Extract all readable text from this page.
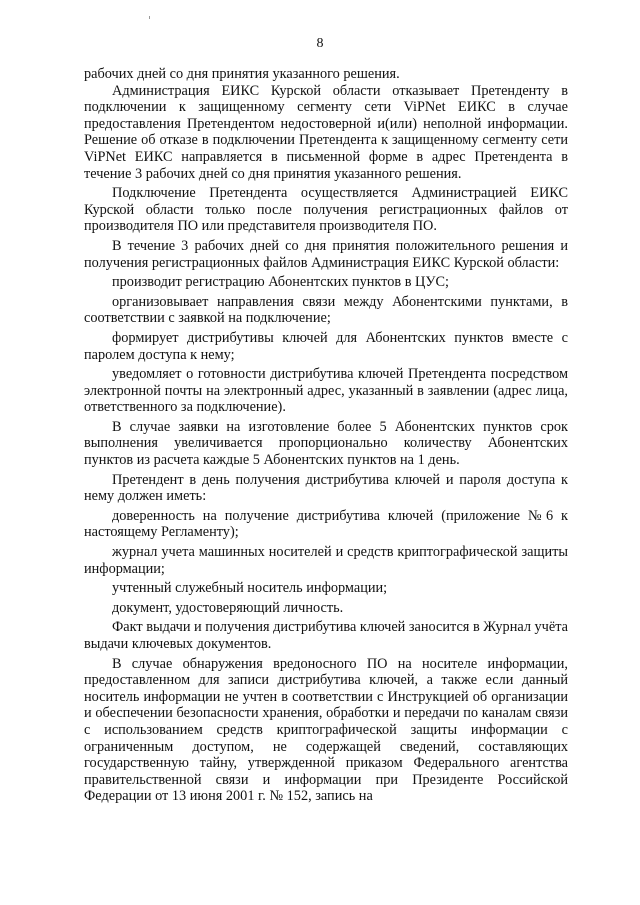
8

рабочих дней со дня принятия указанного решения.

Администрация ЕИКС Курской области отказывает Претенденту в подключении к защищенному сегменту сети ViPNet ЕИКС в случае предоставления Претендентом недостоверной и(или) неполной информации. Решение об отказе в подключении Претендента к защищенному сегменту сети ViPNet ЕИКС направляется в письменной форме в адрес Претендента в течение 3 рабочих дней со дня принятия указанного решения.

Подключение Претендента осуществляется Администрацией ЕИКС Курской области только после получения регистрационных файлов от производителя ПО или представителя производителя ПО.

В течение 3 рабочих дней со дня принятия положительного решения и получения регистрационных файлов Администрация ЕИКС Курской области:

производит регистрацию Абонентских пунктов в ЦУС;

организовывает направления связи между Абонентскими пунктами, в соответствии с заявкой на подключение;

формирует дистрибутивы ключей для Абонентских пунктов вместе с паролем доступа к нему;

уведомляет о готовности дистрибутива ключей Претендента посредством электронной почты на электронный адрес, указанный в заявлении (адрес лица, ответственного за подключение).

В случае заявки на изготовление более 5 Абонентских пунктов срок выполнения увеличивается пропорционально количеству Абонентских пунктов из расчета каждые 5 Абонентских пунктов на 1 день.

Претендент в день получения дистрибутива ключей и пароля доступа к нему должен иметь:

доверенность на получение дистрибутива ключей (приложение №6 к настоящему Регламенту);

журнал учета машинных носителей и средств криптографической защиты информации;

учтенный служебный носитель информации;

документ, удостоверяющий личность.

Факт выдачи и получения дистрибутива ключей заносится в Журнал учёта выдачи ключевых документов.

В случае обнаружения вредоносного ПО на носителе информации, предоставленном для записи дистрибутива ключей, а также если данный носитель информации не учтен в соответствии с Инструкцией об организации и обеспечении безопасности хранения, обработки и передачи по каналам связи с использованием средств криптографической защиты информации с ограниченным доступом, не содержащей сведений, составляющих государственную тайну, утвержденной приказом Федерального агентства правительственной связи и информации при Президенте Российской Федерации от 13 июня 2001 г. № 152, запись на
